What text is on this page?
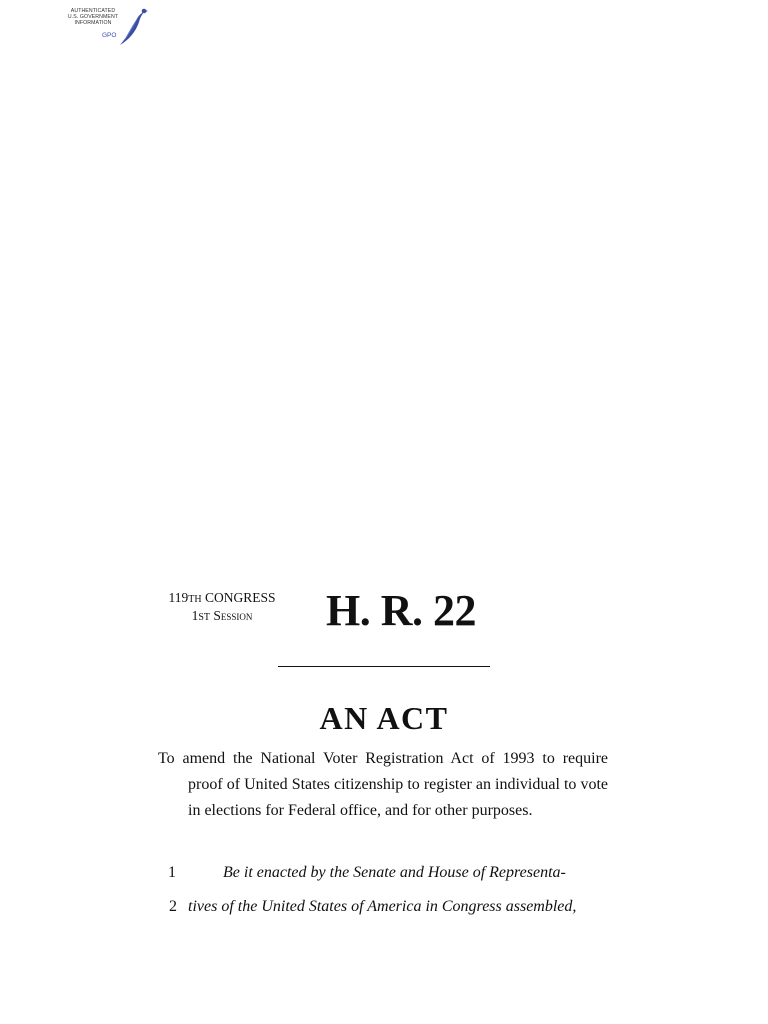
AUTHENTICATED
U.S. GOVERNMENT
INFORMATION
GPO
119TH CONGRESS
1ST Session	H. R. 22
AN ACT
To amend the National Voter Registration Act of 1993 to require proof of United States citizenship to register an individual to vote in elections for Federal office, and for other purposes.
1	Be it enacted by the Senate and House of Representa-
2 tives of the United States of America in Congress assembled,
